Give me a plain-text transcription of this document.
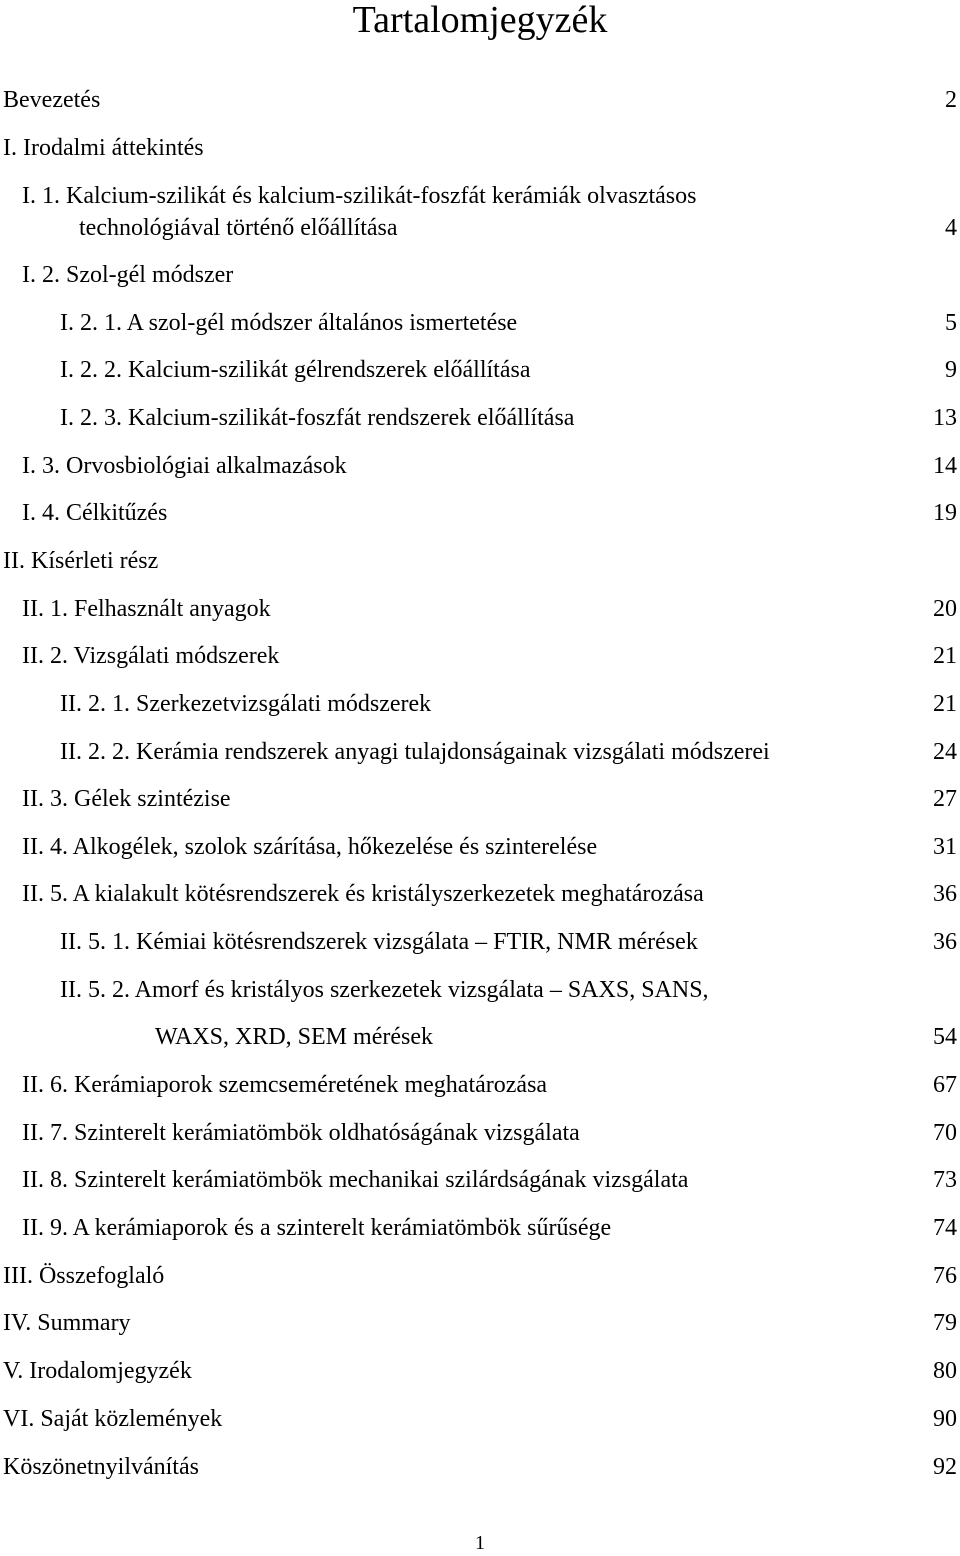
Tartalomjegyzék
Bevezetés	2
I. Irodalmi áttekintés
I. 1. Kalcium-szilikát és kalcium-szilikát-foszfát kerámiák olvasztásos
technológiával történő előállítása	4
I. 2. Szol-gél módszer
I. 2. 1. A szol-gél módszer általános ismertetése	5
I. 2. 2. Kalcium-szilikát gélrendszerek előállítása	9
I. 2. 3. Kalcium-szilikát-foszfát rendszerek előállítása	13
I. 3. Orvosbiológiai alkalmazások	14
I. 4. Célkitűzés	19
II. Kísérleti rész
II. 1. Felhasznált anyagok	20
II. 2. Vizsgálati módszerek	21
II. 2. 1. Szerkezetvizsgálati módszerek	21
II. 2. 2. Kerámia rendszerek anyagi tulajdonságainak vizsgálati módszerei	24
II. 3. Gélek szintézise	27
II. 4. Alkogélek, szolok szárítása, hőkezelése és szinterelése	31
II. 5. A kialakult kötésrendszerek és kristályszerkezetek meghatározása	36
II. 5. 1. Kémiai kötésrendszerek vizsgálata – FTIR, NMR mérések	36
II. 5. 2. Amorf és kristályos szerkezetek vizsgálata – SAXS, SANS,
WAXS, XRD, SEM mérések	54
II. 6. Kerámiaporok szemcseméretének meghatározása	67
II. 7. Szinterelt kerámiatömbök oldhatóságának vizsgálata	70
II. 8. Szinterelt kerámiatömbök mechanikai szilárdságának vizsgálata	73
II. 9. A kerámiaporok és a szinterelt kerámiatömbök sűrűsége	74
III. Összefoglaló	76
IV. Summary	79
V. Irodalomjegyzék	80
VI. Saját közlemények	90
Köszönetnyilvánítás	92
1
